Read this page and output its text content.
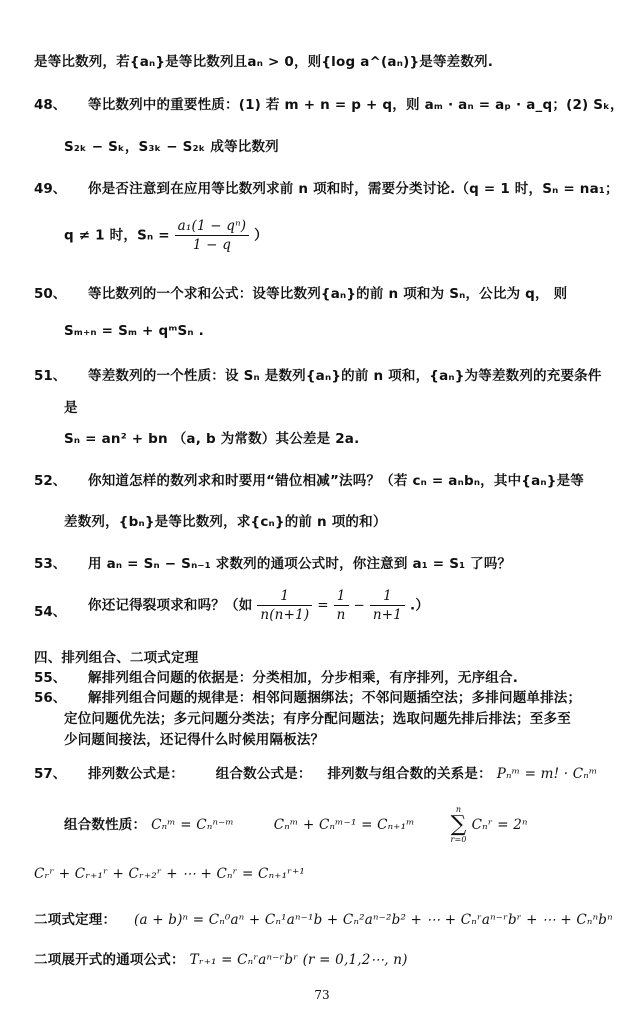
是等比数列，若{aₙ}是等比数列且aₙ > 0，则{log a^(aₙ)}是等差数列.
48、 等比数列中的重要性质：(1) 若 m + n = p + q，则 aₘ · aₙ = aₚ · a_q；(2) Sₖ，
S₂ₖ − Sₖ，S₃ₖ − S₂ₖ 成等比数列
49、 你是否注意到在应用等比数列求前 n 项和时，需要分类讨论.（q = 1 时，Sₙ = na₁；
q ≠ 1 时，$S_n = \frac{\text{a₁(1 − qⁿ)}}{1 - q}$ ）
50、 等比数列的一个求和公式：设等比数列{aₙ}的前 n 项和为 Sₙ，公比为 q， 则
Sₘ₊ₙ = Sₘ + qᵐSₙ .
51、 等差数列的一个性质：设 Sₙ 是数列{aₙ}的前 n 项和，{aₙ}为等差数列的充要条件
是
Sₙ = an² + bn （a, b 为常数）其公差是 2a.
52、 你知道怎样的数列求和时要用“错位相减”法吗？（若 cₙ = aₙbₙ，其中{aₙ}是等
差数列，{bₙ}是等比数列，求{cₙ}的前 n 项的和）
53、 用 aₙ = Sₙ − Sₙ₋₁ 求数列的通项公式时，你注意到 a₁ = S₁ 了吗？
54、 你还记得裂项求和吗？（如 $\frac{1}{n(n+1)} = \frac{1}{n} - \frac{1}{n+1}$ .）
四、排列组合、二项式定理
55、 解排列组合问题的依据是：分类相加，分步相乘，有序排列，无序组合.
56、 解排列组合问题的规律是：相邻问题捆绑法；不邻问题插空法；多排问题单排法；
定位问题优先法；多元问题分类法；有序分配问题法；选取问题先排后排法；至多至
少问题间接法，还记得什么时候用隔板法？
57、 排列数公式是： 组合数公式是： 排列数与组合数的关系是： Pₙᵐ = m! · Cₙᵐ
组合数性质： Cₙᵐ = Cₙⁿ⁻ᵐ	Cₙᵐ + Cₙᵐ⁻¹ = Cₙ₊₁ᵐ
n
∑
r=0
Cₙʳ = 2ⁿ
Cᵣʳ + Cᵣ₊₁ʳ + Cᵣ₊₂ʳ + ⋯ + Cₙʳ = Cₙ₊₁ʳ⁺¹
二项式定理： (a + b)ⁿ = Cₙ⁰aⁿ + Cₙ¹aⁿ⁻¹b + Cₙ²aⁿ⁻²b² + ⋯ + Cₙʳaⁿ⁻ʳbʳ + ⋯ + Cₙⁿbⁿ
二项展开式的通项公式： Tᵣ₊₁ = Cₙʳaⁿ⁻ʳbʳ (r = 0,1,2⋯, n)
73
